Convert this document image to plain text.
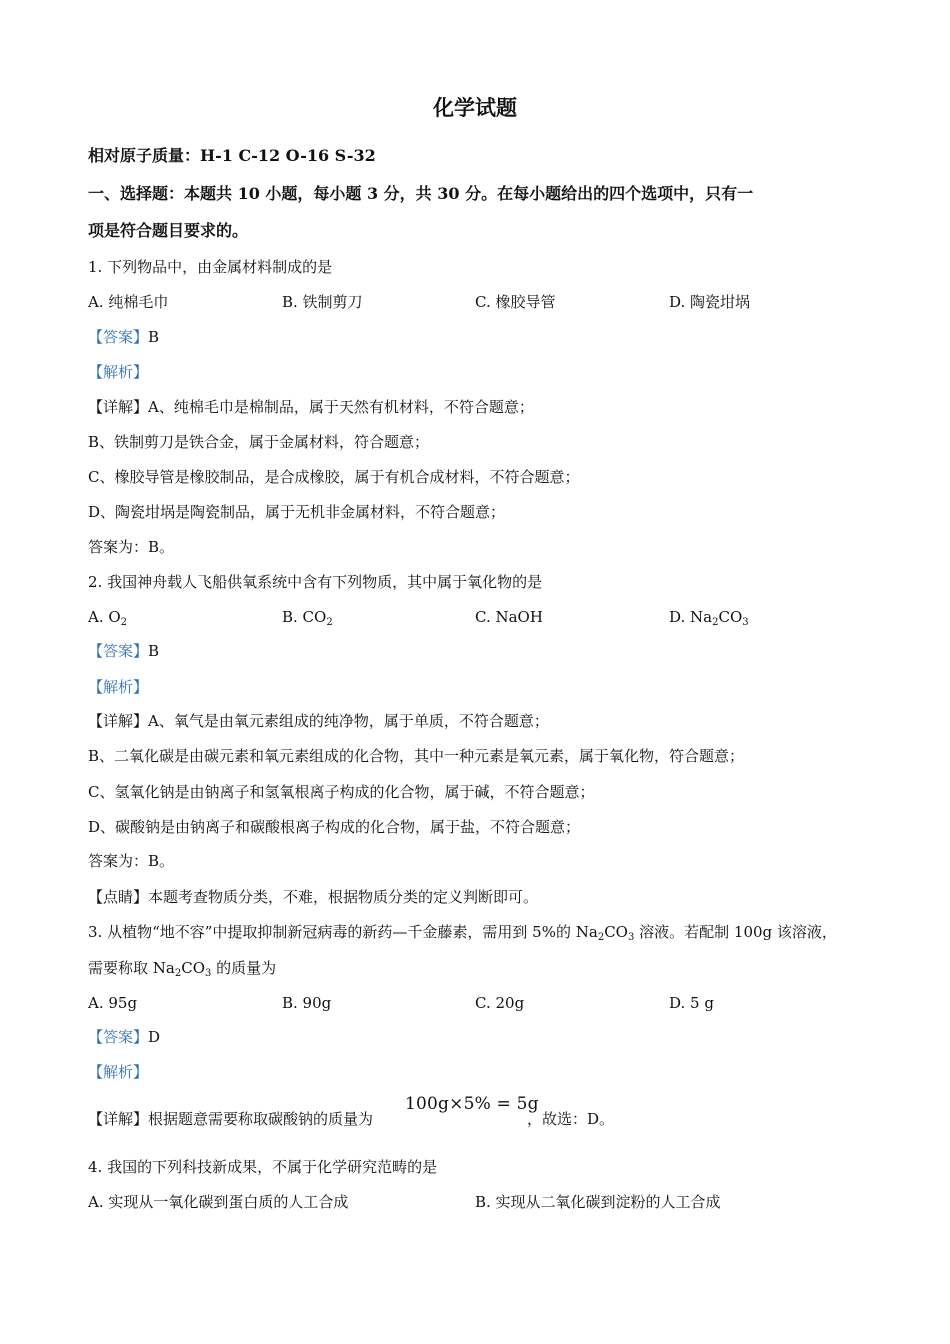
化学试题
相对原子质量：H-1 C-12 O-16 S-32
一、选择题：本题共 10 小题，每小题 3 分，共 30 分。在每小题给出的四个选项中，只有一
项是符合题目要求的。
1. 下列物品中，由金属材料制成的是
A. 纯棉毛巾	B. 铁制剪刀	C. 橡胶导管	D. 陶瓷坩埚
【答案】B
【解析】
【详解】A、纯棉毛巾是棉制品，属于天然有机材料，不符合题意；
B、铁制剪刀是铁合金，属于金属材料，符合题意；
C、橡胶导管是橡胶制品，是合成橡胶，属于有机合成材料，不符合题意；
D、陶瓷坩埚是陶瓷制品，属于无机非金属材料，不符合题意；
答案为：B。
2. 我国神舟载人飞船供氧系统中含有下列物质，其中属于氧化物的是
A. $O_2$	B. $CO_2$	C. NaOH	D. $Na_2CO_3$
【答案】B
【解析】
【详解】A、氧气是由氧元素组成的纯净物，属于单质，不符合题意；
B、二氧化碳是由碳元素和氧元素组成的化合物，其中一种元素是氧元素，属于氧化物，符合题意；
C、氢氧化钠是由钠离子和氢氧根离子构成的化合物，属于碱，不符合题意；
D、碳酸钠是由钠离子和碳酸根离子构成的化合物，属于盐，不符合题意；
答案为：B。
【点睛】本题考查物质分类，不难，根据物质分类的定义判断即可。
3. 从植物“地不容”中提取抑制新冠病毒的新药—千金藤素，需用到 5%的 $Na_2CO_3$ 溶液。若配制 100g 该溶液，
需要称取 $Na_2CO_3$ 的质量为
A. 95g	B. 90g	C. 20g	D. 5 g
【答案】D
【解析】
【详解】根据题意需要称取碳酸钠的质量为
100g×5% = 5g
，故选：D。
4. 我国的下列科技新成果，不属于化学研究范畴的是
A. 实现从一氧化碳到蛋白质的人工合成	B. 实现从二氧化碳到淀粉的人工合成
